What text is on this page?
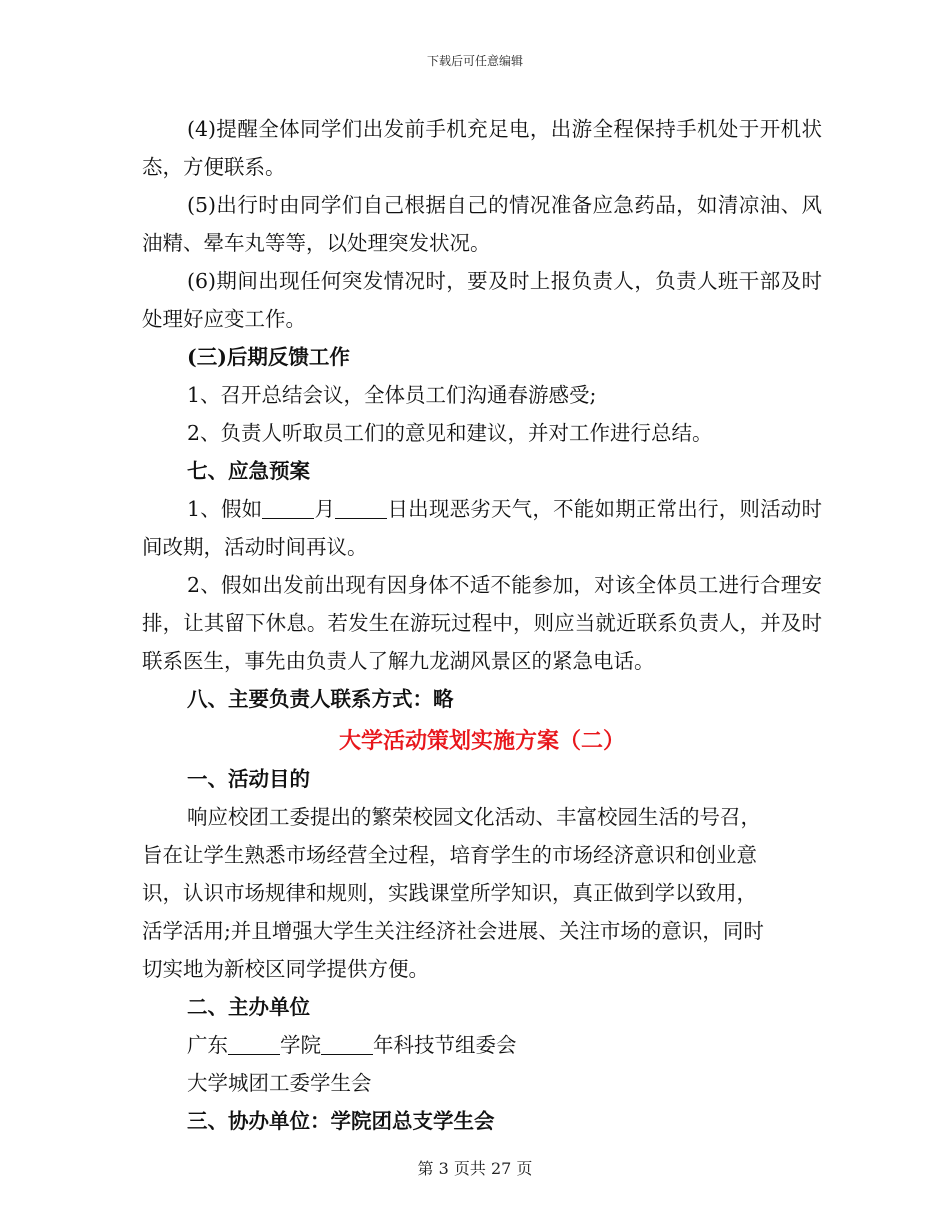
下载后可任意编辑

(4)提醒全体同学们出发前手机充足电，出游全程保持手机处于开机状态，方便联系。

(5)出行时由同学们自己根据自己的情况准备应急药品，如清凉油、风油精、晕车丸等等，以处理突发状况。

(6)期间出现任何突发情况时，要及时上报负责人，负责人班干部及时处理好应变工作。

(三)后期反馈工作

1、召开总结会议，全体员工们沟通春游感受;

2、负责人听取员工们的意见和建议，并对工作进行总结。

七、应急预案

1、假如	月	日出现恶劣天气，不能如期正常出行，则活动时间改期，活动时间再议。

2、假如出发前出现有因身体不适不能参加，对该全体员工进行合理安排，让其留下休息。若发生在游玩过程中，则应当就近联系负责人，并及时联系医生，事先由负责人了解九龙湖风景区的紧急电话。

八、主要负责人联系方式：略

大学活动策划实施方案（二）

一、活动目的

响应校团工委提出的繁荣校园文化活动、丰富校园生活的号召，

旨在让学生熟悉市场经营全过程，培育学生的市场经济意识和创业意

识，认识市场规律和规则，实践课堂所学知识，真正做到学以致用，

活学活用;并且增强大学生关注经济社会进展、关注市场的意识，同时

切实地为新校区同学提供方便。

二、主办单位

广东	学院	年科技节组委会

大学城团工委学生会

三、协办单位：学院团总支学生会

第 3 页共 27 页
